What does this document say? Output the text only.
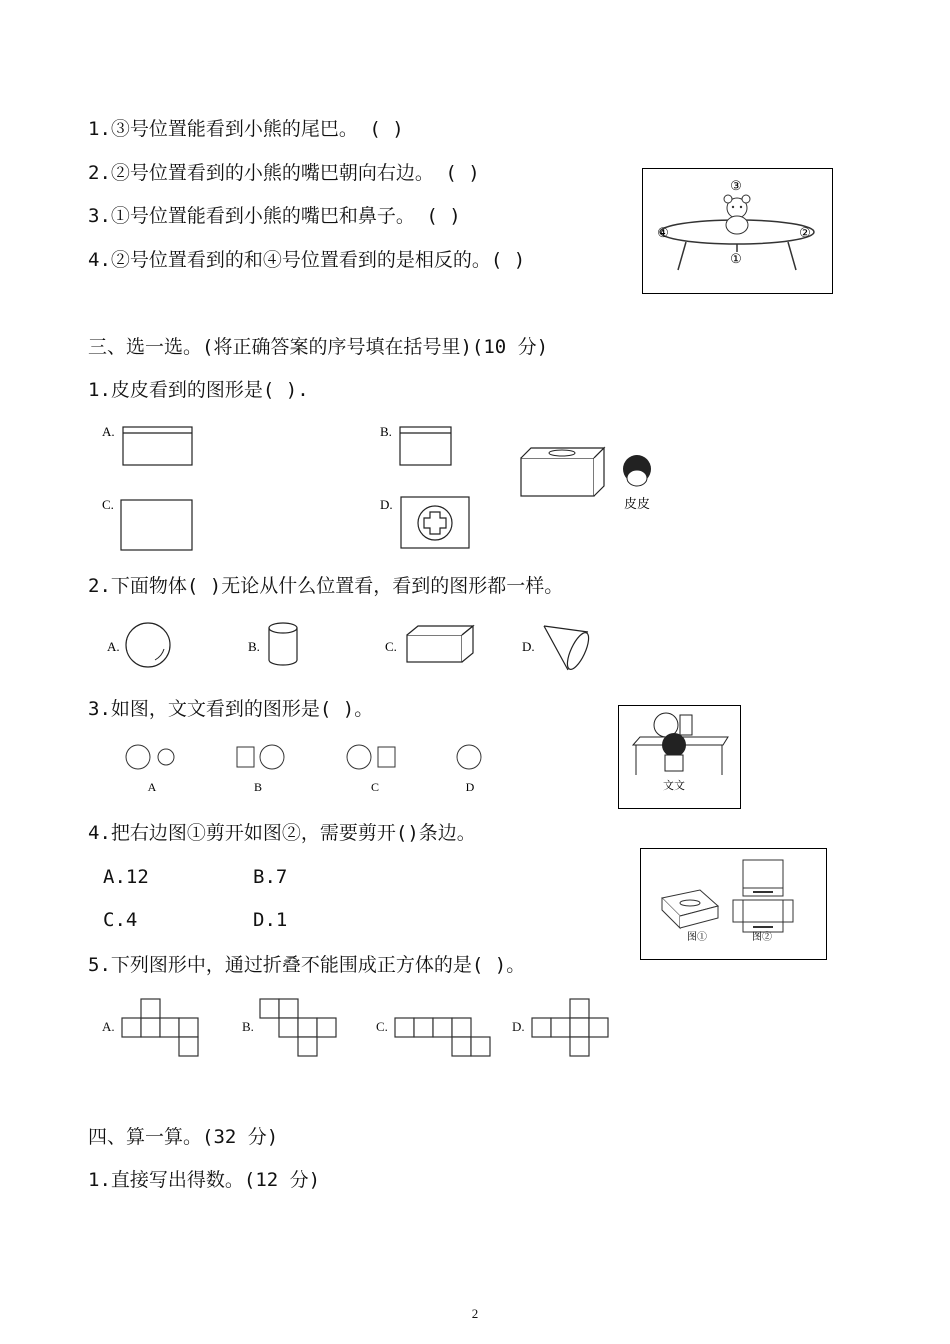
1.③号位置能看到小熊的尾巴。 ( )
2.②号位置看到的小熊的嘴巴朝向右边。 ( )
3.①号位置能看到小熊的嘴巴和鼻子。 ( )
4.②号位置看到的和④号位置看到的是相反的。( )
③
④	②
①
三、选一选。(将正确答案的序号填在括号里)(10 分)
1.皮皮看到的图形是( ).
A.	B.
C.	D.	皮皮
2.下面物体( )无论从什么位置看，看到的图形都一样。
A.	B.	C.	D.
3.如图，文文看到的图形是( )。
A	B	C	D	文文
4.把右边图①剪开如图②，需要剪开()条边。
A.12	B.7
C.4	D.1
图①	图②
5.下列图形中，通过折叠不能围成正方体的是( )。
A.	B.	C.	D.
四、算一算。(32 分)
1.直接写出得数。(12 分)
2
